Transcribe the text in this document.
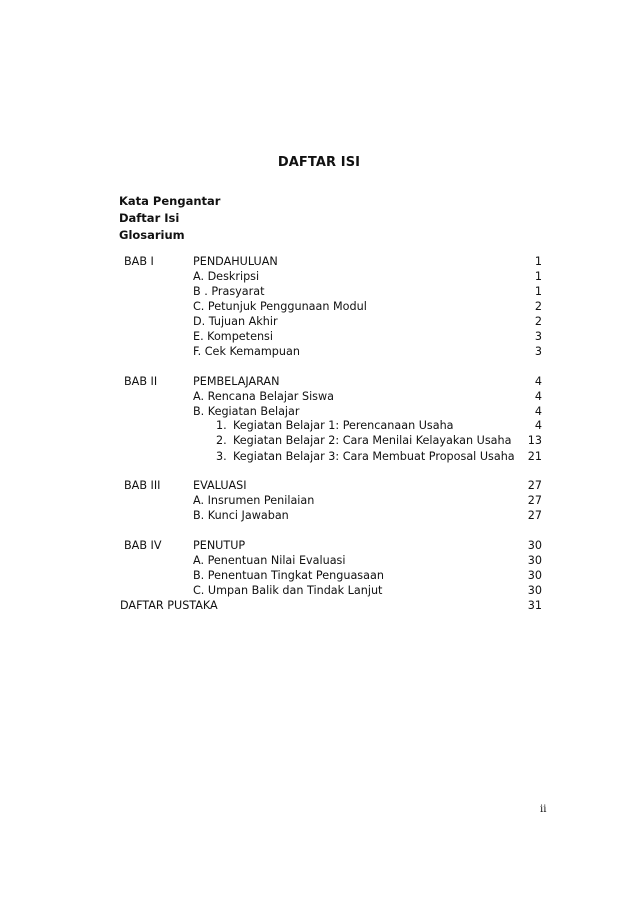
DAFTAR ISI
Kata Pengantar
Daftar Isi
Glosarium
BAB I	PENDAHULUAN	1
A. Deskripsi	1
B . Prasyarat	1
C. Petunjuk Penggunaan Modul	2
D. Tujuan Akhir	2
E. Kompetensi	3
F. Cek Kemampuan	3
BAB II	PEMBELAJARAN	4
A. Rencana Belajar Siswa	4
B. Kegiatan Belajar	4
1. Kegiatan Belajar 1: Perencanaan Usaha	4
2. Kegiatan Belajar 2: Cara Menilai Kelayakan Usaha 13
3. Kegiatan Belajar 3: Cara Membuat Proposal Usaha 21
BAB III	EVALUASI	27
A. Insrumen Penilaian	27
B. Kunci Jawaban	27
BAB IV	PENUTUP	30
A. Penentuan Nilai Evaluasi	30
B. Penentuan Tingkat Penguasaan	30
C. Umpan Balik dan Tindak Lanjut	30
DAFTAR PUSTAKA	31
ii
